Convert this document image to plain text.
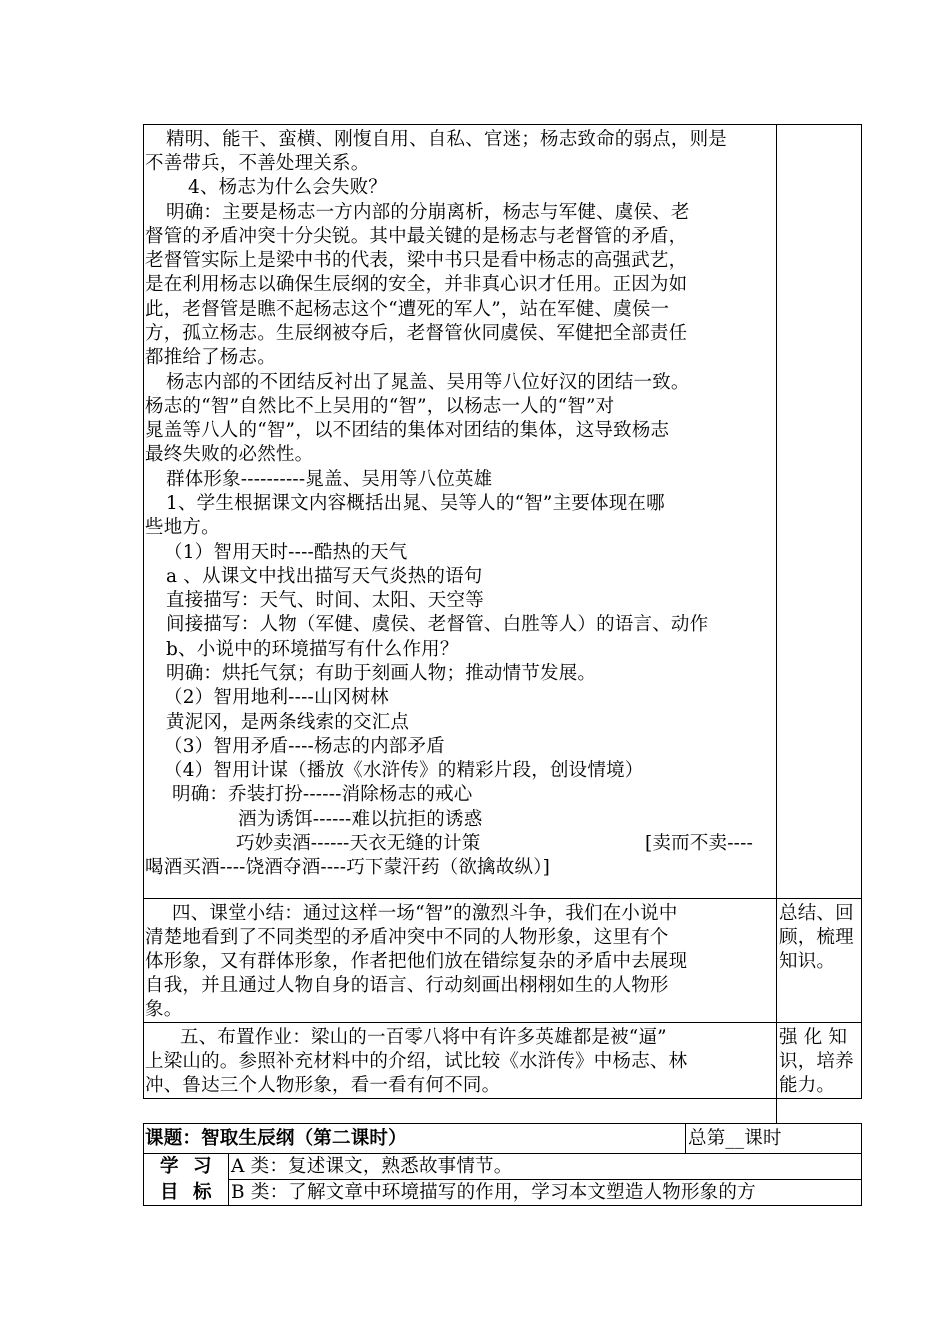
精明、能干、蛮横、刚愎自用、自私、官迷；杨志致命的弱点，则是
不善带兵，不善处理关系。
4、杨志为什么会失败？
明确：主要是杨志一方内部的分崩离析，杨志与军健、虞侯、老
督管的矛盾冲突十分尖锐。其中最关键的是杨志与老督管的矛盾，
老督管实际上是梁中书的代表，梁中书只是看中杨志的高强武艺，
是在利用杨志以确保生辰纲的安全，并非真心识才任用。正因为如
此，老督管是瞧不起杨志这个“遭死的军人”，站在军健、虞侯一
方，孤立杨志。生辰纲被夺后，老督管伙同虞侯、军健把全部责任
都推给了杨志。
杨志内部的不团结反衬出了晁盖、吴用等八位好汉的团结一致。
杨志的“智”自然比不上吴用的“智”，以杨志一人的“智”对
晁盖等八人的“智”，以不团结的集体对团结的集体，这导致杨志
最终失败的必然性。
群体形象----------晁盖、吴用等八位英雄
1、学生根据课文内容概括出晁、吴等人的“智”主要体现在哪
些地方。
（1）智用天时----酷热的天气
a 、从课文中找出描写天气炎热的语句
直接描写：天气、时间、太阳、天空等
间接描写：人物（军健、虞侯、老督管、白胜等人）的语言、动作
b、小说中的环境描写有什么作用？
明确：烘托气氛；有助于刻画人物；推动情节发展。
（2）智用地利----山冈树林
黄泥冈，是两条线索的交汇点
（3）智用矛盾----杨志的内部矛盾
（4）智用计谋（播放《水浒传》的精彩片段，创设情境）
明确：乔装打扮------消除杨志的戒心
酒为诱饵------难以抗拒的诱惑
巧妙卖酒------天衣无缝的计策	[卖而不卖----
喝酒买酒----饶酒夺酒----巧下蒙汗药（欲擒故纵）]
四、课堂小结：通过这样一场“智”的激烈斗争，我们在小说中
清楚地看到了不同类型的矛盾冲突中不同的人物形象，这里有个
体形象，又有群体形象，作者把他们放在错综复杂的矛盾中去展现
自我，并且通过人物自身的语言、行动刻画出栩栩如生的人物形
象。
总结、回
顾，梳理
知识。
五、布置作业：梁山的一百零八将中有许多英雄都是被“逼”
上梁山的。参照补充材料中的介绍，试比较《水浒传》中杨志、林
冲、鲁达三个人物形象，看一看有何不同。
强 化 知
识，培养
能力。
课题：智取生辰纲（第二课时）	总第__课时
学 习
目 标
A 类：复述课文，熟悉故事情节。
B 类：了解文章中环境描写的作用，学习本文塑造人物形象的方
